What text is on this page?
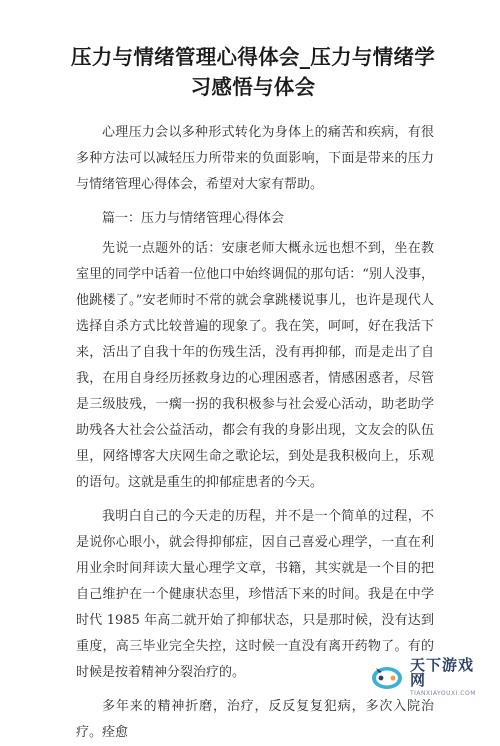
压力与情绪管理心得体会_压力与情绪学习感悟与体会

心理压力会以多种形式转化为身体上的痛苦和疾病，有很多种方法可以减轻压力所带来的负面影响，下面是带来的压力与情绪管理心得体会，希望对大家有帮助。

篇一：压力与情绪管理心得体会

先说一点题外的话：安康老师大概永远也想不到，坐在教室里的同学中话着一位他口中始终调侃的那句话：“别人没事，他跳楼了。”安老师时不常的就会拿跳楼说事儿，也许是现代人选择自杀方式比较普遍的现象了。我在笑，呵呵，好在我活下来，活出了自我十年的伤残生活，没有再抑郁，而是走出了自我，在用自身经历拯救身边的心理困惑者，情感困惑者，尽管是三级肢残，一瘸一拐的我积极参与社会爱心活动，助老助学助残各大社会公益活动，都会有我的身影出现，文友会的队伍里，网络博客大庆网生命之歌论坛，到处是我积极向上，乐观的语句。这就是重生的抑郁症患者的今天。

我明白自己的今天走的历程，并不是一个简单的过程，不是说你心眼小，就会得抑郁症，因自己喜爱心理学，一直在利用业余时间拜读大量心理学文章，书籍，其实就是一个目的把自己维护在一个健康状态里，珍惜活下来的时间。我是在中学时代 1985 年高二就开始了抑郁状态，只是那时候，没有达到重度，高三毕业完全失控，这时候一直没有离开药物了。有的时候是按着精神分裂治疗的。

多年来的精神折磨，治疗，反反复复犯病，多次入院治疗。痊愈

天下游戏网
TIANXIAYOUXI.COM
